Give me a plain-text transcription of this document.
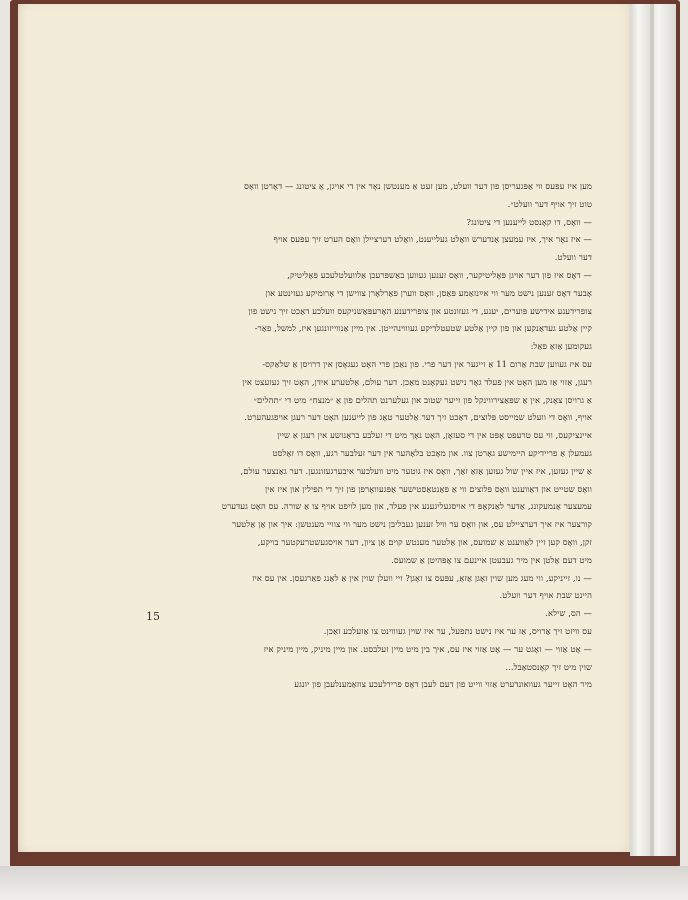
מען איז עפּעס ווי אַפּגעריסן פון דער וועלט, מען זעט אַ מענטשן נאָר אין די אויגן, אַ ציטונג — דאָרטן וואָס

טוט זיך אויף דער וועלט״.

— וואָס, דו קאָנסט לייענען די ציטונג?

— איז נאָר איך, איז עמעצן אַנדערש וואָלט געלייענט, וואָלט דערציילן וואָס הערט זיך עפּעס אויף

דער וועלט.

— דאָס איז פון דער אויגן פּאָליטיקער, וואָס זענען געווען באַשפּרעכן אַלוועלטלעכע פּאָליטיק,

אָבער דאָס זענען נישט מער ווי אײַנזאַמע פּאַסן, וואָס ווערן פאַרלאָרן צווישן די אָרומיקע געזינטע און

צופרידענע אידישע פּוערים, יענע, די געזונטע און צופרידענע האָרעפּאַשניקעס וועלכע דאַכט זיך נישט פון

קיין אַלטע געדאַנקען און פון קיין אַלטע שטעטלדיקע געוווינהייטן. אין מיין אַנווייזונגען איז, למשל, פאַר-

געקומען אַזאַ פאַל:

עס איז געווען שבת אַרום 11 אַ זייגער אין דער פרי. פון נאַכן פרי האָט געגאָסן אין דרויסן אַ שלאַקס-

רעגן, אַזוי אַז מען האָט אין פעלד גאָר נישט געקאָנט מאַכן. דער עולם, אַלטערע אידן, האָט זיך געזעצט אין

אַ גרויסן צאָנק, אין אַ שפּאַצירווינקל פון זייער שטוב און געלערנט תהלים פון אַ ״מנצח״ מיט די ״תהלים״

אויף, וואָס די וועלט שמייסט פּלוצים, דאַכט זיך דער אַלטער טאָג פון לייענען האָט דער רעגן אויפגעהערט.

איינציקעס, ווי עס טרעפט אָפּט אין די סעזאָן, האָט נאָך מיט די זעלבע בראַנזשע אין רעגן אַ שיין

געמעלן אַ פריידיקע היימישע גאַרטן צוו. און מאָכט בלאָהער אין דער זעלבער רגע, וואָס דו זאָלסט

אַ שיין געזען, איז איין שול געזען אַזאַ זאַך, וואָס איז גוטער מיט וועלכער איבערגעזונגען. דער גאַנצער עולם,

וואָס שטייט און דאַווענט וואָס פּלוצים ווי אַ פאַנטאַסטישער אָפּגעוואָרפן פון זיך די תפילין און איז אין

עמעצער אַנמעקונג, אַדער לאַנקאָפּ די אויסגעליגענע אין פעלד, און מען לויפט אויף צו אַ שורה. עס האָט געדערט

קורצער איז איך דערציילט עס, און וואָס ער וויל זענען געבליבן נישט מער ווי צוויי מענטשן: איך און אַן אַלטער

זקן, וואָס קען זיין לאַווענט אַ שמועס, און אַלטער מענטש קוים אַן ציון, דער אויסגעשטרעקטער בויקע,

מיט דעם אַלטן אין מיר געבעטן איינעם צו אָפּהיטן אַ שמועס.

— נו, זייניקע, ווי מעג מען שוין זאָגן אַזאַ, עפּעס צו זאָגן? זיי וועלן שוין אין אַ לאַנג פאַרגעסן. אין עס איז

היינט שבת אויף דער וועלט.

— הס, שילא.

עס וויזט זיך אַרויס, אַז ער איז נישט נתפעל, ער איז שוין געוווינט צו אַזעלכע זאַכן.

— אָט אַזוי — זאָגט ער — אָט אַזוי איז עס, איך בין מיט מיין זעלבסט. און מיין מיניק, מיין מיניק איז

שוין מיט זיך קאָנסטאַבל...

מיר האָט זייער געוואונדערט אַזוי ווייט פון דעם לעבן דאָס פרידלעכע צוזאַמענלעבן פון יונגע

15
